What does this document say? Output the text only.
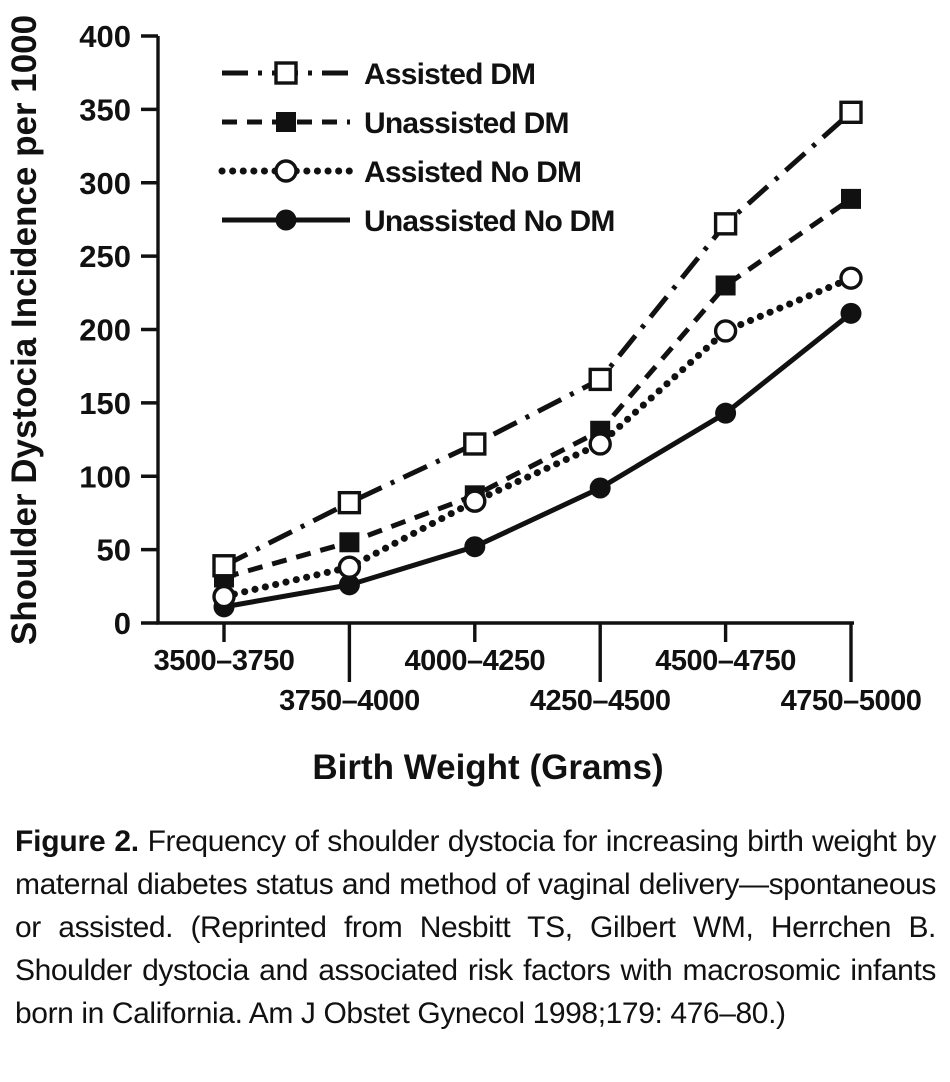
0
50
100
150
200
250
300
350
400
3500–3750
3750–4000
4000–4250
4250–4500
4500–4750
4750–5000
Birth Weight (Grams)
Shoulder Dystocia Incidence per 1000	Assisted DM
Unassisted DM
Assisted No DM
Unassisted No DM
Figure 2. Frequency of shoulder dystocia for increasing birth weight by maternal diabetes status and method of vaginal delivery—spontaneous or assisted. (Reprinted from Nesbitt TS, Gilbert WM, Herrchen B. Shoulder dystocia and associated risk factors with macrosomic infants born in California. Am J Obstet Gynecol 1998;179: 476–80.)
